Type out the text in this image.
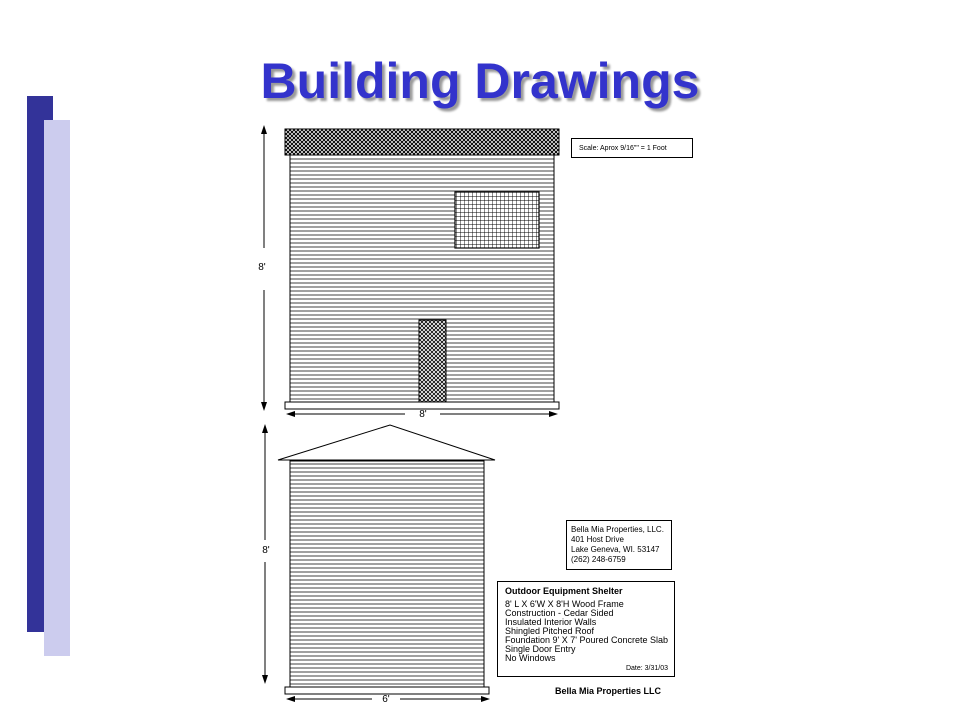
Building Drawings
8'
8'
8'
6'
Scale: Aprox 9/16"" = 1 Foot
Bella Mia Properties, LLC.
401 Host Drive
Lake Geneva, WI. 53147
(262) 248-6759
Outdoor Equipment Shelter
8' L X 6'W X 8'H Wood Frame
Construction - Cedar Sided
Insulated Interior Walls
Shingled Pitched Roof
Foundation 9' X 7' Poured Concrete Slab
Single Door Entry
No Windows
Date: 3/31/03
Bella Mia Properties LLC
